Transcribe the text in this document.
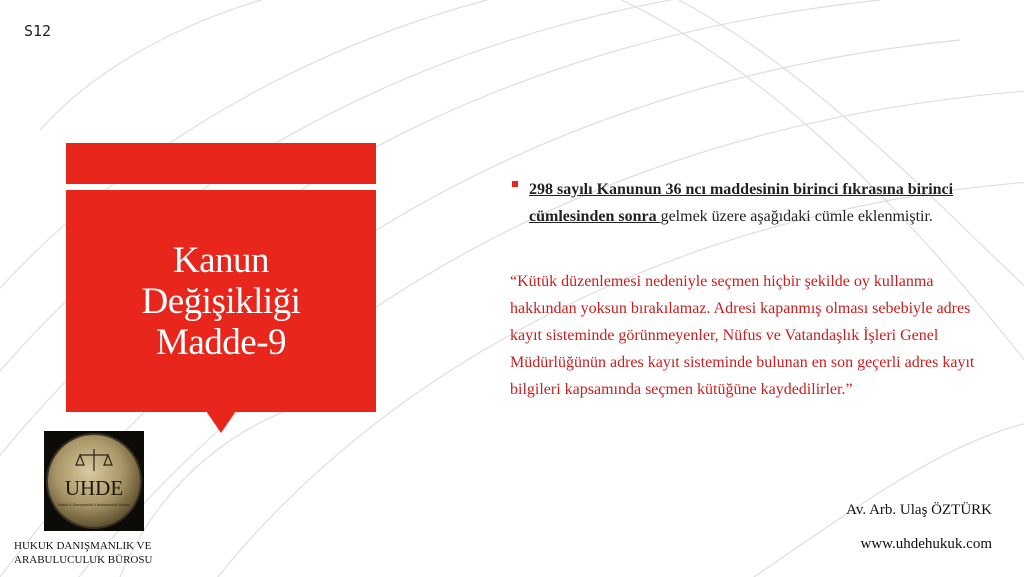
S12
Kanun
Değişikliği
Madde-9
UHDE
Hukuk & Danışmanlık & Arabuluculuk Bürosu
HUKUK DANIŞMANLIK VE
ARABULUCULUK BÜROSU
298 sayılı Kanunun 36 ncı maddesinin birinci fıkrasına birinci cümlesinden sonra gelmek üzere aşağıdaki cümle eklenmiştir.
“Kütük düzenlemesi nedeniyle seçmen hiçbir şekilde oy kullanma hakkından yoksun bırakılamaz. Adresi kapanmış olması sebebiyle adres kayıt sisteminde görünmeyenler, Nüfus ve Vatandaşlık İşleri Genel Müdürlüğünün adres kayıt sisteminde bulunan en son geçerli adres kayıt bilgileri kapsamında seçmen kütüğüne kaydedilirler.”
Av. Arb. Ulaş ÖZTÜRK
www.uhdehukuk.com
